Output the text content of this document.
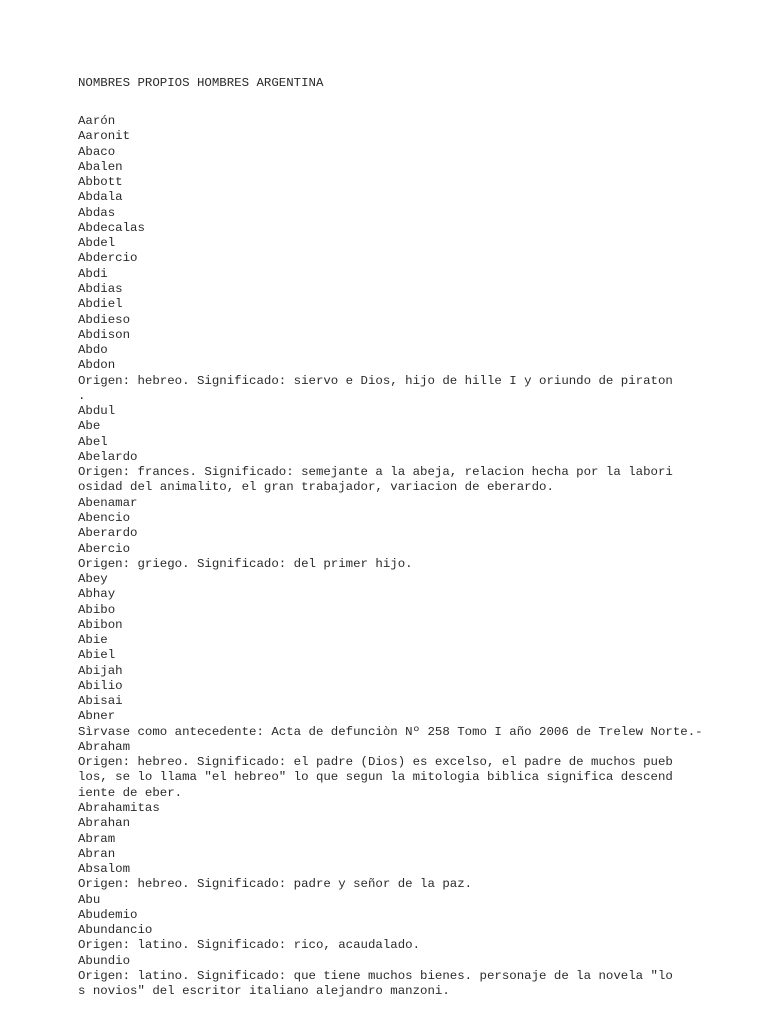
NOMBRES PROPIOS HOMBRES ARGENTINA
Aarón
Aaronit
Abaco
Abalen
Abbott
Abdala
Abdas
Abdecalas
Abdel
Abdercio
Abdi
Abdias
Abdiel
Abdieso
Abdison
Abdo
Abdon
Origen: hebreo. Significado: siervo e Dios, hijo de hille I y oriundo de piraton
.
Abdul
Abe
Abel
Abelardo
Origen: frances. Significado: semejante a la abeja, relacion hecha por la labori
osidad del animalito, el gran trabajador, variacion de eberardo.
Abenamar
Abencio
Aberardo
Abercio
Origen: griego. Significado: del primer hijo.
Abey
Abhay
Abibo
Abibon
Abie
Abiel
Abijah
Abilio
Abisai
Abner
Sìrvase como antecedente: Acta de defunciòn Nº 258 Tomo I año 2006 de Trelew Norte.-
Abraham
Origen: hebreo. Significado: el padre (Dios) es excelso, el padre de muchos pueb
los, se lo llama "el hebreo" lo que segun la mitologia biblica significa descend
iente de eber.
Abrahamitas
Abrahan
Abram
Abran
Absalom
Origen: hebreo. Significado: padre y señor de la paz.
Abu
Abudemio
Abundancio
Origen: latino. Significado: rico, acaudalado.
Abundio
Origen: latino. Significado: que tiene muchos bienes. personaje de la novela "lo
s novios" del escritor italiano alejandro manzoni.
